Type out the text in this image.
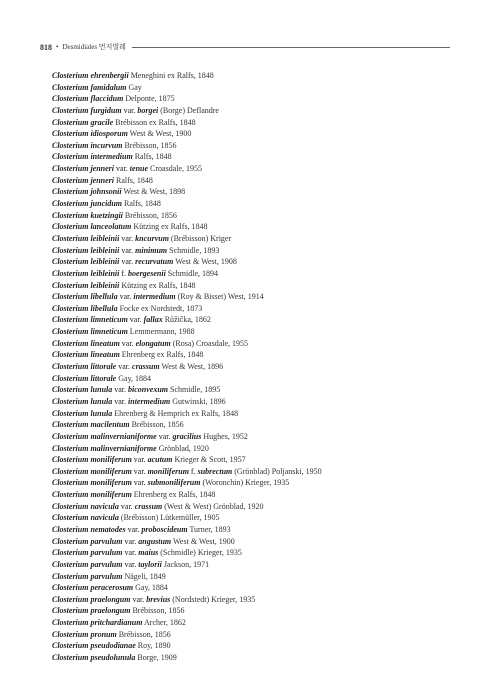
818 • Desmidiales 먼지벌레
Closterium ehrenbergii Meneghini ex Ralfs, 1848
Closterium famidalum Gay
Closterium flaccidum Delponte, 1875
Closterium furgidum var. borgei (Borge) Deflandre
Closterium gracile Brébisson ex Ralfs, 1848
Closterium idiosporum West & West, 1900
Closterium incurvum Brébisson, 1856
Closterium intermedium Ralfs, 1848
Closterium jenneri var. tenue Croasdale, 1955
Closterium jenneri Ralfs, 1848
Closterium johnsonii West & West, 1898
Closterium juncidum Ralfs, 1848
Closterium kuetzingii Brébisson, 1856
Closterium lanceolatum Kützing ex Ralfs, 1848
Closterium leibleinii var. kncurvum (Brébisson) Kriger
Closterium leibleinii var. minimum Schmidle, 1893
Closterium leibleinii var. recurvatum West & West, 1908
Closterium leibleinii f. boergesenii Schmidle, 1894
Closterium leibleinii Kützing ex Ralfs, 1848
Closterium libellula var. intermedium (Roy & Bisset) West, 1914
Closterium libellula Focke ex Nordstedt, 1873
Closterium limneticum var. fallax Růžička, 1862
Closterium limneticum Lemmermann, 1988
Closterium lineatum var. elongatum (Rosa) Croasdale, 1955
Closterium lineatum Ehrenberg ex Ralfs, 1848
Closterium littorale var. crassum West & West, 1896
Closterium littorale Gay, 1884
Closterium lunula var. biconvexum Schmidle, 1895
Closterium lunula var. intermedium Gutwinski, 1896
Closterium lunula Ehrenberg & Hemprich ex Ralfs, 1848
Closterium macilentum Brébisson, 1856
Closterium malinvernianiforme var. gracilius Hughes, 1952
Closterium malinvernianiforme Grönblad, 1920
Closterium moniliferum var. acutum Krieger & Scott, 1957
Closterium moniliferum var. moniliferum f. subrectum (Grönblad) Poljanski, 1950
Closterium moniliferum var. submoniliferum (Woronchin) Krieger, 1935
Closterium moniliferum Ehrenberg ex Ralfs, 1848
Closterium navicula var. crassum (West & West) Grönblad, 1920
Closterium navicula (Brébisson) Lütkemüller, 1905
Closterium nematodes var. proboscideum Turner, 1893
Closterium parvulum var. angustum West & West, 1900
Closterium parvulum var. maius (Schmidle) Krieger, 1935
Closterium parvulum var. taylorii Jackson, 1971
Closterium parvulum Nägeli, 1849
Closterium peracerosum Gay, 1884
Closterium praelongum var. brevius (Nordstedt) Krieger, 1935
Closterium praelongum Brébisson, 1856
Closterium pritchardianum Archer, 1862
Closterium pronum Brébisson, 1856
Closterium pseudodianae Roy, 1890
Closterium pseudolunula Borge, 1909
